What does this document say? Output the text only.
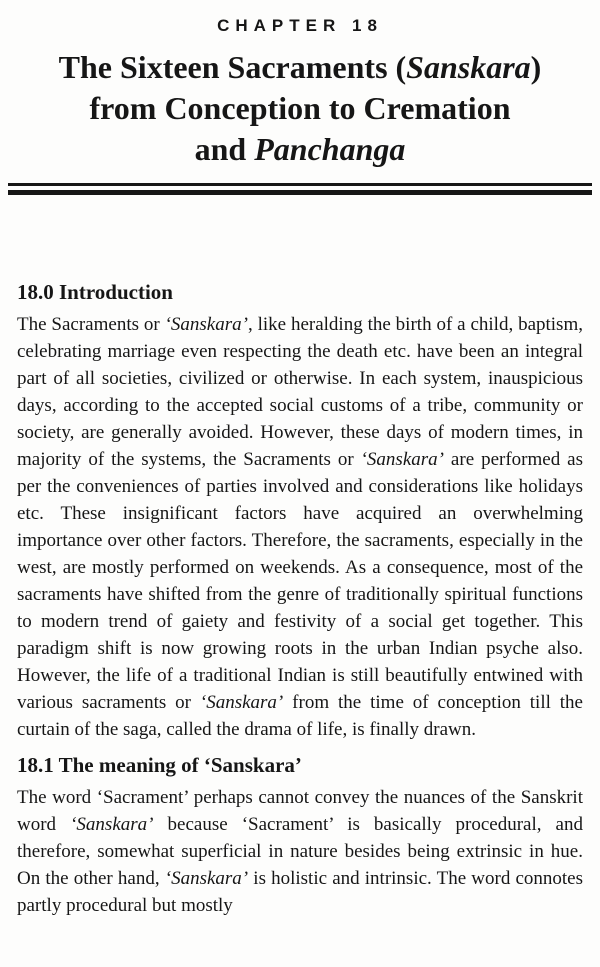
CHAPTER 18
The Sixteen Sacraments (Sanskara)
from Conception to Cremation
and Panchanga
18.0 Introduction

The Sacraments or ‘Sanskara’, like heralding the birth of a child, baptism, celebrating marriage even respecting the death etc. have been an integral part of all societies, civilized or otherwise. In each system, inauspicious days, according to the accepted social customs of a tribe, community or society, are generally avoided. However, these days of modern times, in majority of the systems, the Sacraments or ‘Sanskara’ are performed as per the conveniences of parties involved and considerations like holidays etc. These insignificant factors have acquired an overwhelming importance over other factors. Therefore, the sacraments, especially in the west, are mostly performed on weekends. As a consequence, most of the sacraments have shifted from the genre of traditionally spiritual functions to modern trend of gaiety and festivity of a social get together. This paradigm shift is now growing roots in the urban Indian psyche also. However, the life of a traditional Indian is still beautifully entwined with various sacraments or ‘Sanskara’ from the time of conception till the curtain of the saga, called the drama of life, is finally drawn.

18.1 The meaning of ‘Sanskara’

The word ‘Sacrament’ perhaps cannot convey the nuances of the Sanskrit word ‘Sanskara’ because ‘Sacrament’ is basically procedural, and therefore, somewhat superficial in nature besides being extrinsic in hue. On the other hand, ‘Sanskara’ is holistic and intrinsic. The word connotes partly procedural but mostly
